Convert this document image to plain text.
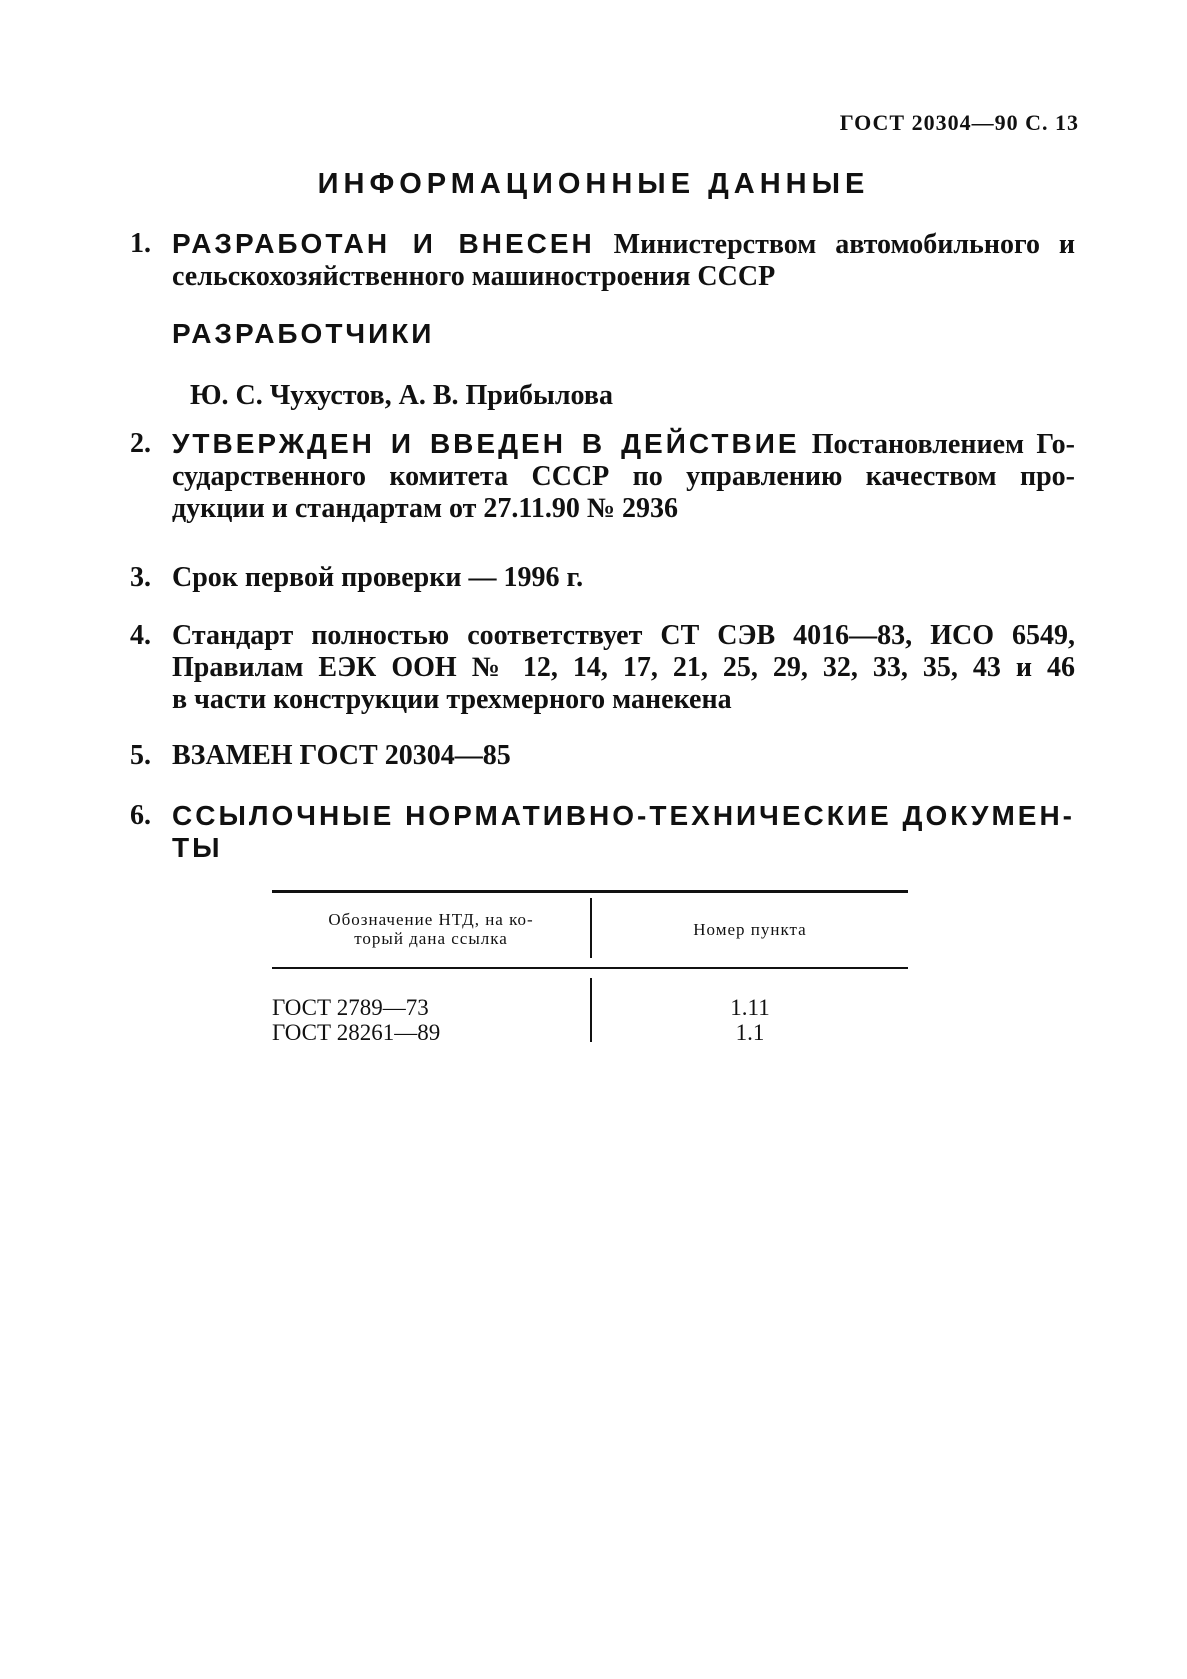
ГОСТ 20304—90 С. 13
ИНФОРМАЦИОННЫЕ ДАННЫЕ
1. РАЗРАБОТАН И ВНЕСЕН Министерством автомобильного и
сельскохозяйственного машиностроения СССР
РАЗРАБОТЧИКИ
Ю. С. Чухустов, А. В. Прибылова
2. УТВЕРЖДЕН И ВВЕДЕН В ДЕЙСТВИЕ Постановлением Го-
сударственного комитета СССР по управлению качеством про-
дукции и стандартам от 27.11.90 № 2936
3. Срок первой проверки — 1996 г.
4. Стандарт полностью соответствует СТ СЭВ 4016—83, ИСО 6549,
Правилам ЕЭК ООН № 12, 14, 17, 21, 25, 29, 32, 33, 35, 43 и 46
в части конструкции трехмерного манекена
5. ВЗАМЕН ГОСТ 20304—85
6. ССЫЛОЧНЫЕ НОРМАТИВНО-ТЕХНИЧЕСКИЕ ДОКУМЕН-
ТЫ
Обозначение НТД, на ко-
торый дана ссылка	Номер пункта
ГОСТ 2789—73	1.11
ГОСТ 28261—89	1.1
